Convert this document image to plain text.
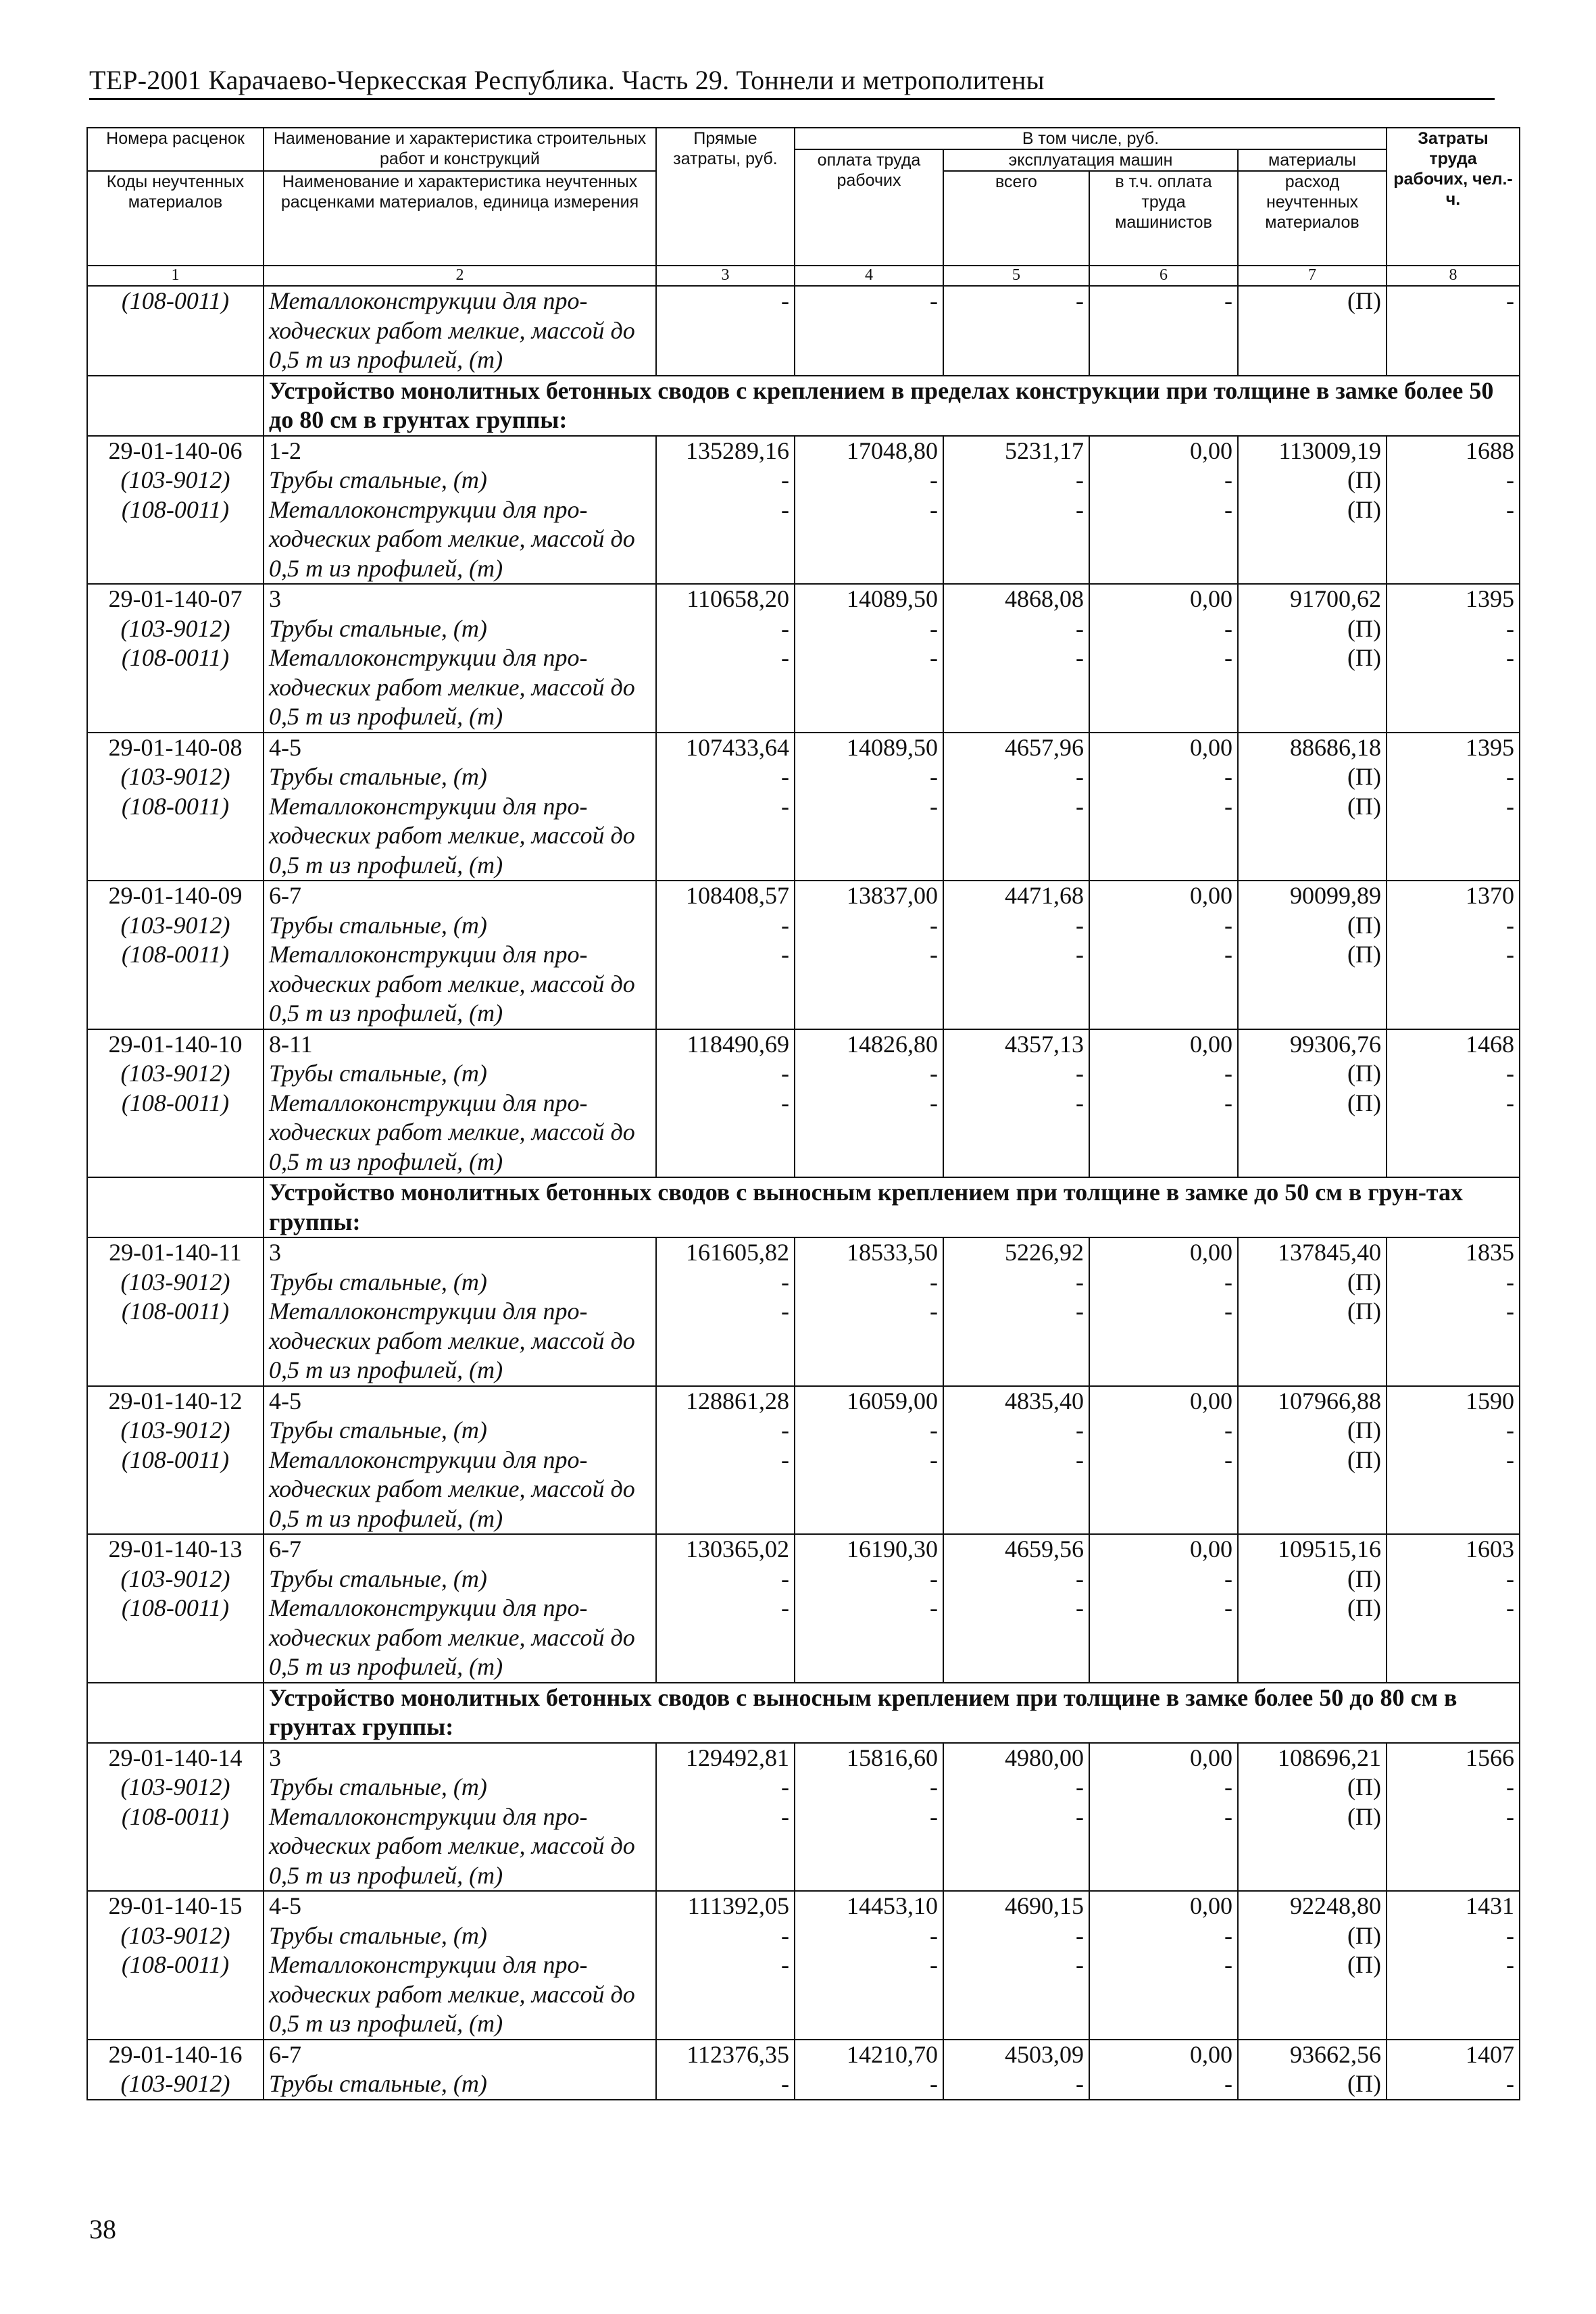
ТЕР-2001 Карачаево-Черкесская Республика. Часть 29. Тоннели и метрополитены
Номера расценок	Наименование и характеристика строительных работ и конструкций	Прямые затраты, руб.	В том числе, руб.				Затраты труда рабочих, чел.-ч.
			оплата труда рабочих	эксплуатация машин		материалы	
Коды неучтенных материалов	Наименование и характеристика неучтенных расценками материалов, единица измерения			всего	в т.ч. оплата труда машинистов	расход неучтенных материалов	

1	2	3	4	5	6	7	8
(108-0011)	Металлоконструкции для про-ходческих работ мелкие, массой до 0,5 т из профилей, (т)	-	-	-	-	(П)	-
	Устройство монолитных бетонных сводов с креплением в пределах конструкции при толщине в замке более 50 до 80 см в грунтах группы:						
29-01-140-06	1-2	135289,16	17048,80	5231,17	0,00	113009,19	1688
(103-9012)	Трубы стальные, (т)	-	-	-	-	(П)	-
(108-0011)	Металлоконструкции для про-ходческих работ мелкие, массой до 0,5 т из профилей, (т)	-	-	-	-	(П)	-
29-01-140-07	3	110658,20	14089,50	4868,08	0,00	91700,62	1395
(103-9012)	Трубы стальные, (т)	-	-	-	-	(П)	-
(108-0011)	Металлоконструкции для про-ходческих работ мелкие, массой до 0,5 т из профилей, (т)	-	-	-	-	(П)	-
29-01-140-08	4-5	107433,64	14089,50	4657,96	0,00	88686,18	1395
(103-9012)	Трубы стальные, (т)	-	-	-	-	(П)	-
(108-0011)	Металлоконструкции для про-ходческих работ мелкие, массой до 0,5 т из профилей, (т)	-	-	-	-	(П)	-
29-01-140-09	6-7	108408,57	13837,00	4471,68	0,00	90099,89	1370
(103-9012)	Трубы стальные, (т)	-	-	-	-	(П)	-
(108-0011)	Металлоконструкции для про-ходческих работ мелкие, массой до 0,5 т из профилей, (т)	-	-	-	-	(П)	-
29-01-140-10	8-11	118490,69	14826,80	4357,13	0,00	99306,76	1468
(103-9012)	Трубы стальные, (т)	-	-	-	-	(П)	-
(108-0011)	Металлоконструкции для про-ходческих работ мелкие, массой до 0,5 т из профилей, (т)	-	-	-	-	(П)	-
	Устройство монолитных бетонных сводов с выносным креплением при толщине в замке до 50 см в грун-тах группы:						
29-01-140-11	3	161605,82	18533,50	5226,92	0,00	137845,40	1835
(103-9012)	Трубы стальные, (т)	-	-	-	-	(П)	-
(108-0011)	Металлоконструкции для про-ходческих работ мелкие, массой до 0,5 т из профилей, (т)	-	-	-	-	(П)	-
29-01-140-12	4-5	128861,28	16059,00	4835,40	0,00	107966,88	1590
(103-9012)	Трубы стальные, (т)	-	-	-	-	(П)	-
(108-0011)	Металлоконструкции для про-ходческих работ мелкие, массой до 0,5 т из профилей, (т)	-	-	-	-	(П)	-
29-01-140-13	6-7	130365,02	16190,30	4659,56	0,00	109515,16	1603
(103-9012)	Трубы стальные, (т)	-	-	-	-	(П)	-
(108-0011)	Металлоконструкции для про-ходческих работ мелкие, массой до 0,5 т из профилей, (т)	-	-	-	-	(П)	-
	Устройство монолитных бетонных сводов с выносным креплением при толщине в замке более 50 до 80 см в грунтах группы:						
29-01-140-14	3	129492,81	15816,60	4980,00	0,00	108696,21	1566
(103-9012)	Трубы стальные, (т)	-	-	-	-	(П)	-
(108-0011)	Металлоконструкции для про-ходческих работ мелкие, массой до 0,5 т из профилей, (т)	-	-	-	-	(П)	-
29-01-140-15	4-5	111392,05	14453,10	4690,15	0,00	92248,80	1431
(103-9012)	Трубы стальные, (т)	-	-	-	-	(П)	-
(108-0011)	Металлоконструкции для про-ходческих работ мелкие, массой до 0,5 т из профилей, (т)	-	-	-	-	(П)	-
29-01-140-16	6-7	112376,35	14210,70	4503,09	0,00	93662,56	1407
(103-9012)	Трубы стальные, (т)	-	-	-	-	(П)	-
38
